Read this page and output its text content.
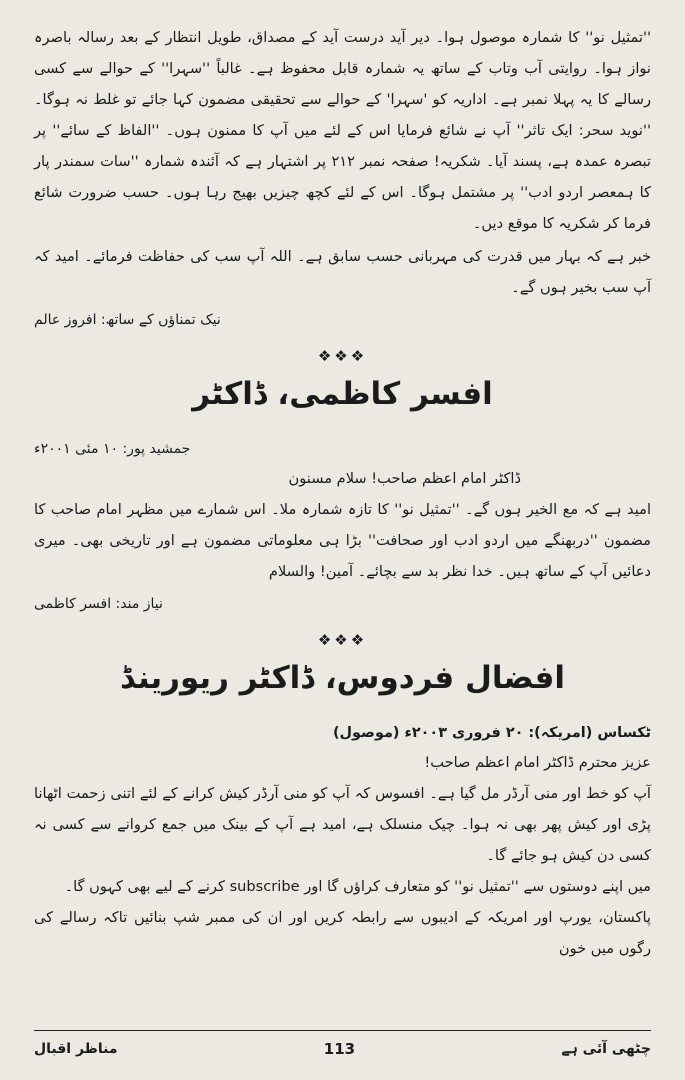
''تمثیل نو'' کا شمارہ موصول ہوا۔ دیر آید درست آید کے مصداق، طویل انتظار کے بعد رسالہ باصرہ نواز ہوا۔ روایتی آب وتاب کے ساتھ یہ شمارہ قابل محفوظ ہے۔ غالباً ''سہرا'' کے حوالے سے کسی رسالے کا یہ پہلا نمبر ہے۔ اداریہ کو 'سہرا' کے حوالے سے تحقیقی مضمون کہا جائے تو غلط نہ ہوگا۔ ''نوید سحر: ایک تاثر'' آپ نے شائع فرمایا اس کے لئے میں آپ کا ممنون ہوں۔ ''الفاظ کے سائے'' پر تبصرہ عمدہ ہے، پسند آیا۔ شکریہ! صفحہ نمبر ۲۱۲ پر اشتہار ہے کہ آئندہ شمارہ ''سات سمندر پار کا ہمعصر اردو ادب'' پر مشتمل ہوگا۔ اس کے لئے کچھ چیزیں بھیج رہا ہوں۔ حسب ضرورت شائع فرما کر شکریہ کا موقع دیں۔

خبر ہے کہ بہار میں قدرت کی مہربانی حسب سابق ہے۔ اللہ آپ سب کی حفاظت فرمائے۔ امید کہ آپ سب بخیر ہوں گے۔

نیک تمناؤں کے ساتھ: افروز عالم
❖❖❖
افسر کاظمی، ڈاکٹر
جمشید پور: ۱۰ مئی ۲۰۰۱ء
ڈاکٹر امام اعظم صاحب! سلام مسنون

امید ہے کہ مع الخیر ہوں گے۔ ''تمثیل نو'' کا تازہ شمارہ ملا۔ اس شمارے میں مظہر امام صاحب کا مضمون ''دربھنگے میں اردو ادب اور صحافت'' بڑا ہی معلوماتی مضمون ہے اور تاریخی بھی۔ میری دعائیں آپ کے ساتھ ہیں۔ خدا نظر بد سے بچائے۔ آمین! والسلام

نیاز مند: افسر کاظمی
❖❖❖
افضال فردوس، ڈاکٹر ریورینڈ
ٹکساس (امریکہ): ۲۰ فروری ۲۰۰۳ء (موصول)
عزیز محترم ڈاکٹر امام اعظم صاحب!

آپ کو خط اور منی آرڈر مل گیا ہے۔ افسوس کہ آپ کو منی آرڈر کیش کرانے کے لئے اتنی زحمت اٹھانا پڑی اور کیش پھر بھی نہ ہوا۔ چیک منسلک ہے، امید ہے آپ کے بینک میں جمع کروانے سے کسی نہ کسی دن کیش ہو جائے گا۔

میں اپنے دوستوں سے ''تمثیل نو'' کو متعارف کراؤں گا اور subscribe کرنے کے لیے بھی کہوں گا۔

پاکستان، یورپ اور امریکہ کے ادیبوں سے رابطہ کریں اور ان کی ممبر شپ بنائیں تاکہ رسالے کی رگوں میں خون

مناظر اقبال	113	چٹھی آئی ہے
